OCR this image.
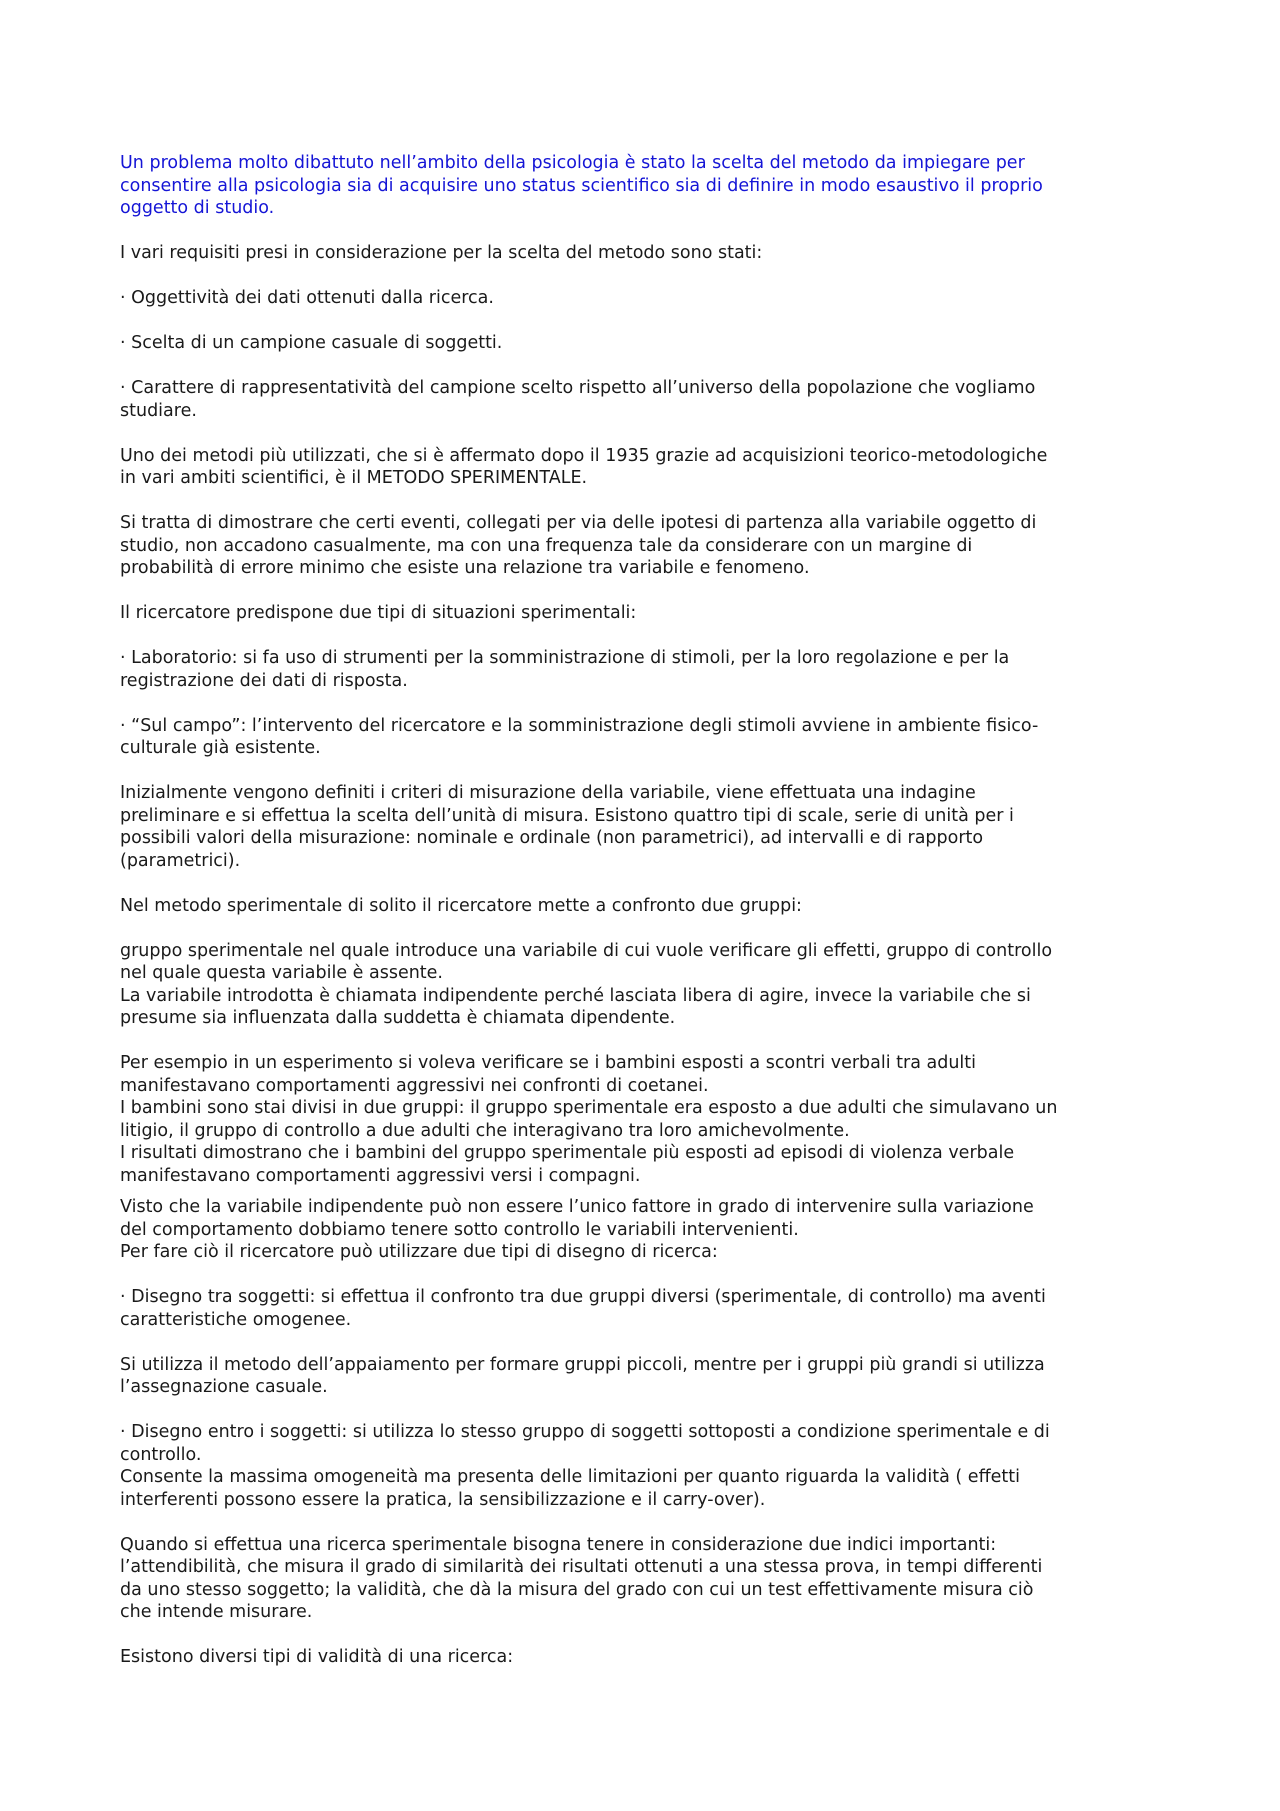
Un problema molto dibattuto nell’ambito della psicologia è stato la scelta del metodo da impiegare per
consentire alla psicologia sia di acquisire uno status scientifico sia di definire in modo esaustivo il proprio
oggetto di studio.

I vari requisiti presi in considerazione per la scelta del metodo sono stati:

· Oggettività dei dati ottenuti dalla ricerca.

· Scelta di un campione casuale di soggetti.

· Carattere di rappresentatività del campione scelto rispetto all’universo della popolazione che vogliamo
studiare.

Uno dei metodi più utilizzati, che si è affermato dopo il 1935 grazie ad acquisizioni teorico-metodologiche
in vari ambiti scientifici, è il METODO SPERIMENTALE.

Si tratta di dimostrare che certi eventi, collegati per via delle ipotesi di partenza alla variabile oggetto di
studio, non accadono casualmente, ma con una frequenza tale da considerare con un margine di
probabilità di errore minimo che esiste una relazione tra variabile e fenomeno.

Il ricercatore predispone due tipi di situazioni sperimentali:

· Laboratorio: si fa uso di strumenti per la somministrazione di stimoli, per la loro regolazione e per la
registrazione dei dati di risposta.

· “Sul campo”: l’intervento del ricercatore e la somministrazione degli stimoli avviene in ambiente fisico-
culturale già esistente.

Inizialmente vengono definiti i criteri di misurazione della variabile, viene effettuata una indagine
preliminare e si effettua la scelta dell’unità di misura. Esistono quattro tipi di scale, serie di unità per i
possibili valori della misurazione: nominale e ordinale (non parametrici), ad intervalli e di rapporto
(parametrici).

Nel metodo sperimentale di solito il ricercatore mette a confronto due gruppi:

gruppo sperimentale nel quale introduce una variabile di cui vuole verificare gli effetti, gruppo di controllo
nel quale questa variabile è assente.
La variabile introdotta è chiamata indipendente perché lasciata libera di agire, invece la variabile che si
presume sia influenzata dalla suddetta è chiamata dipendente.

Per esempio in un esperimento si voleva verificare se i bambini esposti a scontri verbali tra adulti
manifestavano comportamenti aggressivi nei confronti di coetanei.
I bambini sono stai divisi in due gruppi: il gruppo sperimentale era esposto a due adulti che simulavano un
litigio, il gruppo di controllo a due adulti che interagivano tra loro amichevolmente.
I risultati dimostrano che i bambini del gruppo sperimentale più esposti ad episodi di violenza verbale
manifestavano comportamenti aggressivi versi i compagni.

Visto che la variabile indipendente può non essere l’unico fattore in grado di intervenire sulla variazione
del comportamento dobbiamo tenere sotto controllo le variabili intervenienti.
Per fare ciò il ricercatore può utilizzare due tipi di disegno di ricerca:

· Disegno tra soggetti: si effettua il confronto tra due gruppi diversi (sperimentale, di controllo) ma aventi
caratteristiche omogenee.

Si utilizza il metodo dell’appaiamento per formare gruppi piccoli, mentre per i gruppi più grandi si utilizza
l’assegnazione casuale.

· Disegno entro i soggetti: si utilizza lo stesso gruppo di soggetti sottoposti a condizione sperimentale e di
controllo.
Consente la massima omogeneità ma presenta delle limitazioni per quanto riguarda la validità ( effetti
interferenti possono essere la pratica, la sensibilizzazione e il carry-over).

Quando si effettua una ricerca sperimentale bisogna tenere in considerazione due indici importanti:
l’attendibilità, che misura il grado di similarità dei risultati ottenuti a una stessa prova, in tempi differenti
da uno stesso soggetto; la validità, che dà la misura del grado con cui un test effettivamente misura ciò
che intende misurare.

Esistono diversi tipi di validità di una ricerca:
